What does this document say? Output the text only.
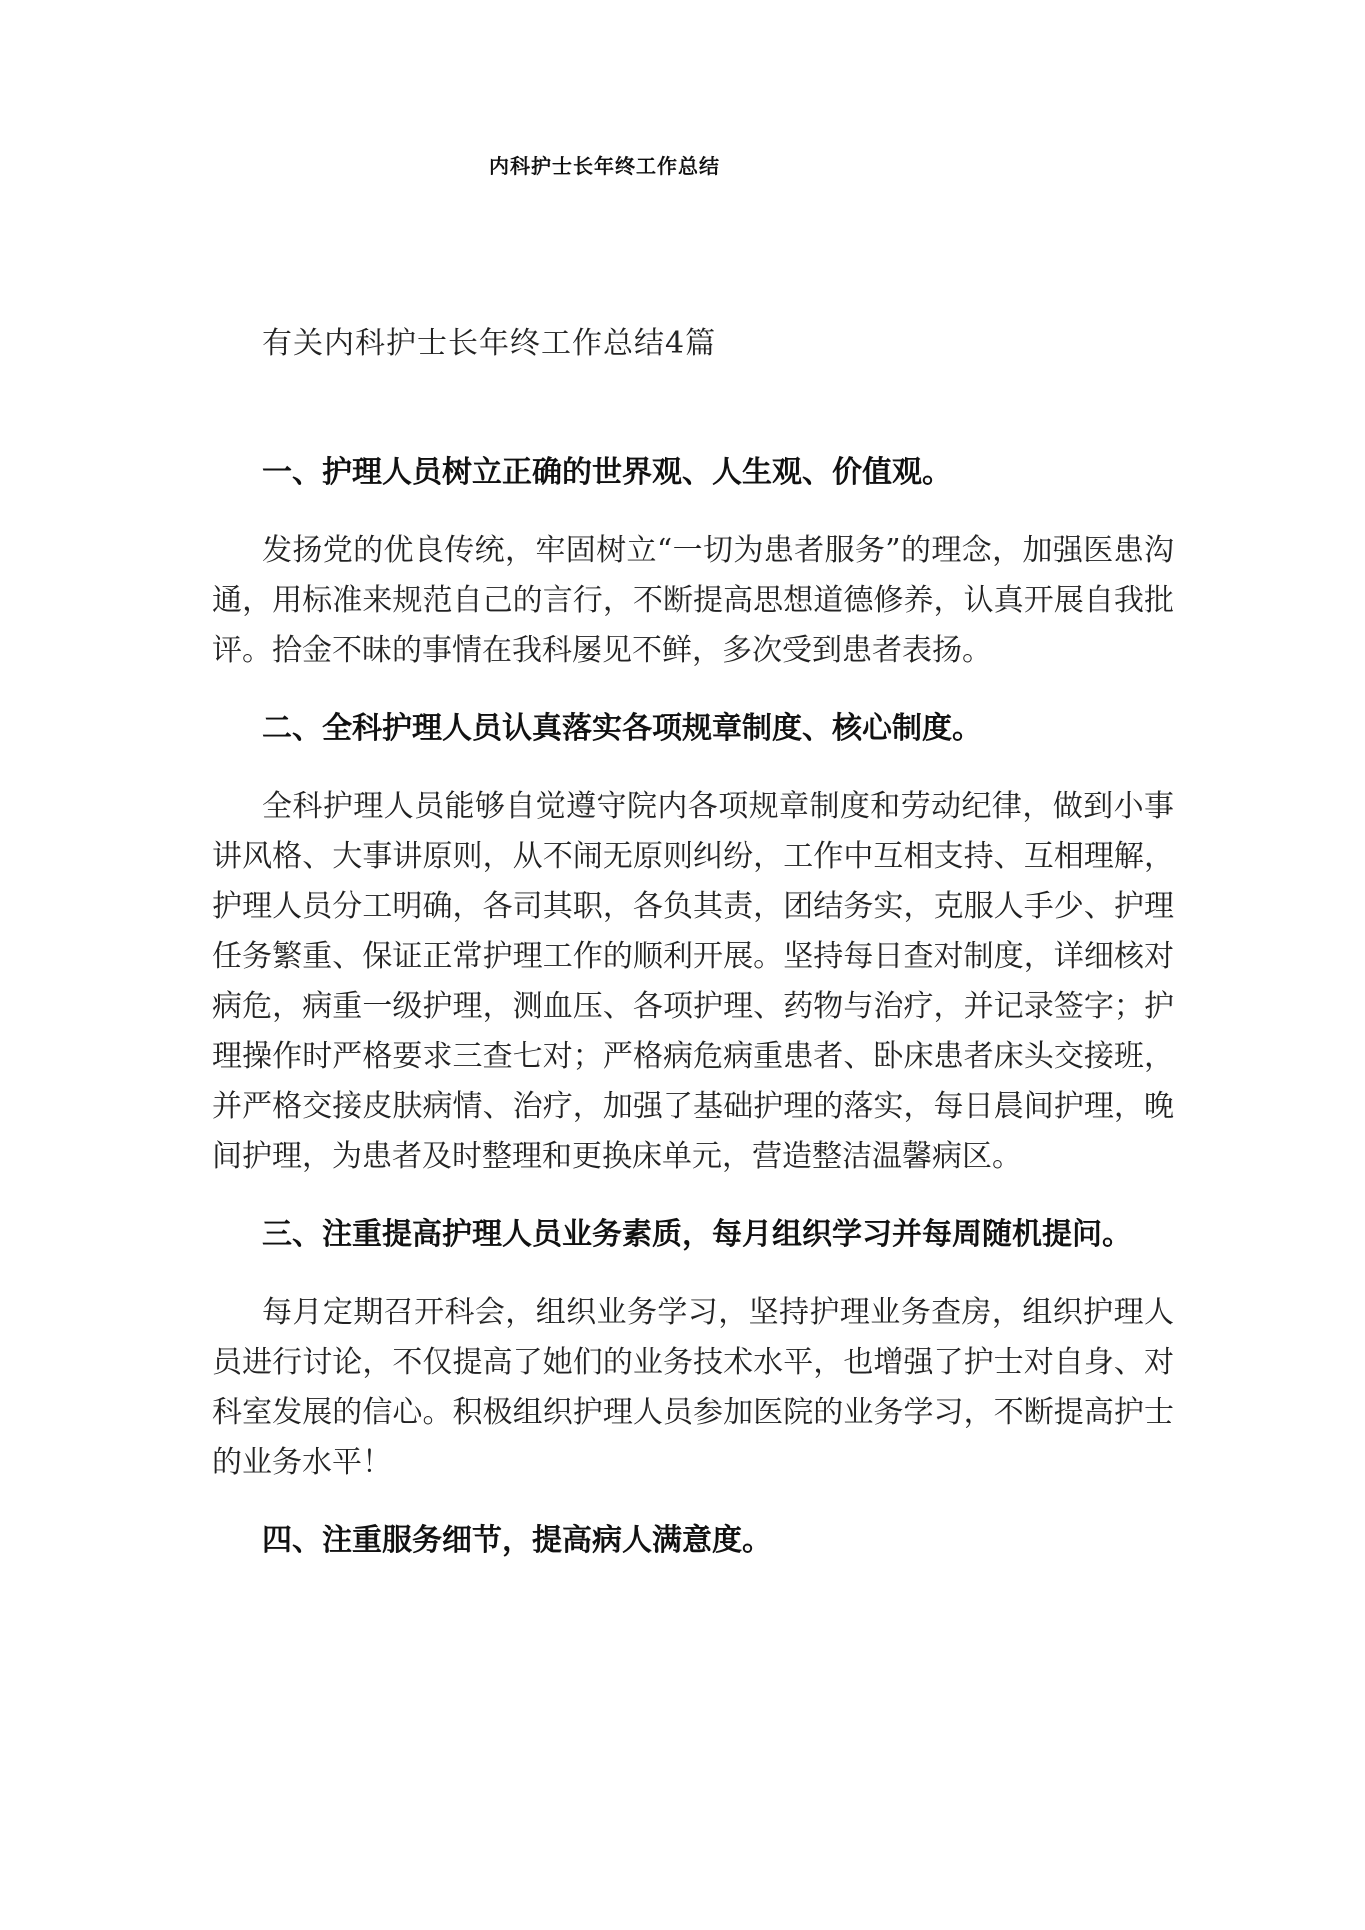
内科护士长年终工作总结
有关内科护士长年终工作总结4篇
一、护理人员树立正确的世界观、人生观、价值观。
发扬党的优良传统，牢固树立“一切为患者服务”的理念，加强医患沟通，用标准来规范自己的言行，不断提高思想道德修养，认真开展自我批评。拾金不昧的事情在我科屡见不鲜，多次受到患者表扬。
二、全科护理人员认真落实各项规章制度、核心制度。
全科护理人员能够自觉遵守院内各项规章制度和劳动纪律，做到小事讲风格、大事讲原则，从不闹无原则纠纷，工作中互相支持、互相理解，护理人员分工明确，各司其职，各负其责，团结务实，克服人手少、护理任务繁重、保证正常护理工作的顺利开展。坚持每日查对制度，详细核对病危，病重一级护理，测血压、各项护理、药物与治疗，并记录签字；护理操作时严格要求三查七对；严格病危病重患者、卧床患者床头交接班，并严格交接皮肤病情、治疗，加强了基础护理的落实，每日晨间护理，晚间护理，为患者及时整理和更换床单元，营造整洁温馨病区。
三、注重提高护理人员业务素质，每月组织学习并每周随机提问。
每月定期召开科会，组织业务学习，坚持护理业务查房，组织护理人员进行讨论，不仅提高了她们的业务技术水平，也增强了护士对自身、对科室发展的信心。积极组织护理人员参加医院的业务学习，不断提高护士的业务水平！
四、注重服务细节，提高病人满意度。
